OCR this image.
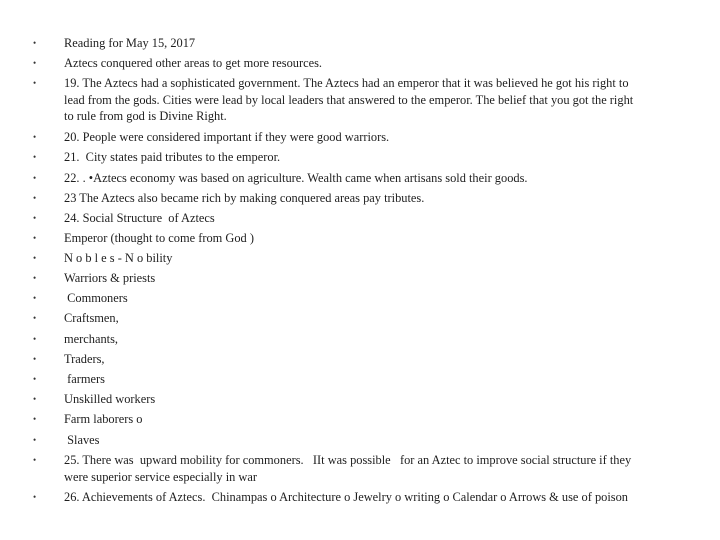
• Reading for May 15, 2017
• Aztecs conquered other areas to get more resources.
• 19. The Aztecs had a sophisticated government. The Aztecs had an emperor that it was believed he got his right to lead from the gods. Cities were lead by local leaders that answered to the emperor. The belief that you got the right to rule from god is Divine Right.
• 20. People were considered important if they were good warriors.
• 21.  City states paid tributes to the emperor.
• 22. . •Aztecs economy was based on agriculture. Wealth came when artisans sold their goods.
• 23 The Aztecs also became rich by making conquered areas pay tributes.
• 24. Social Structure  of Aztecs
• Emperor (thought to come from God )
• N o b l e s - N o bility
• Warriors & priests
• Commoners
• Craftsmen,
• merchants,
• Traders,
• farmers
• Unskilled workers
• Farm laborers o
• Slaves
• 25. There was  upward mobility for commoners.   IIt was possible   for an Aztec to improve social structure if they were superior service especially in war
• 26. Achievements of Aztecs.  Chinampas o Architecture o Jewelry o writing o Calendar o Arrows & use of poison
